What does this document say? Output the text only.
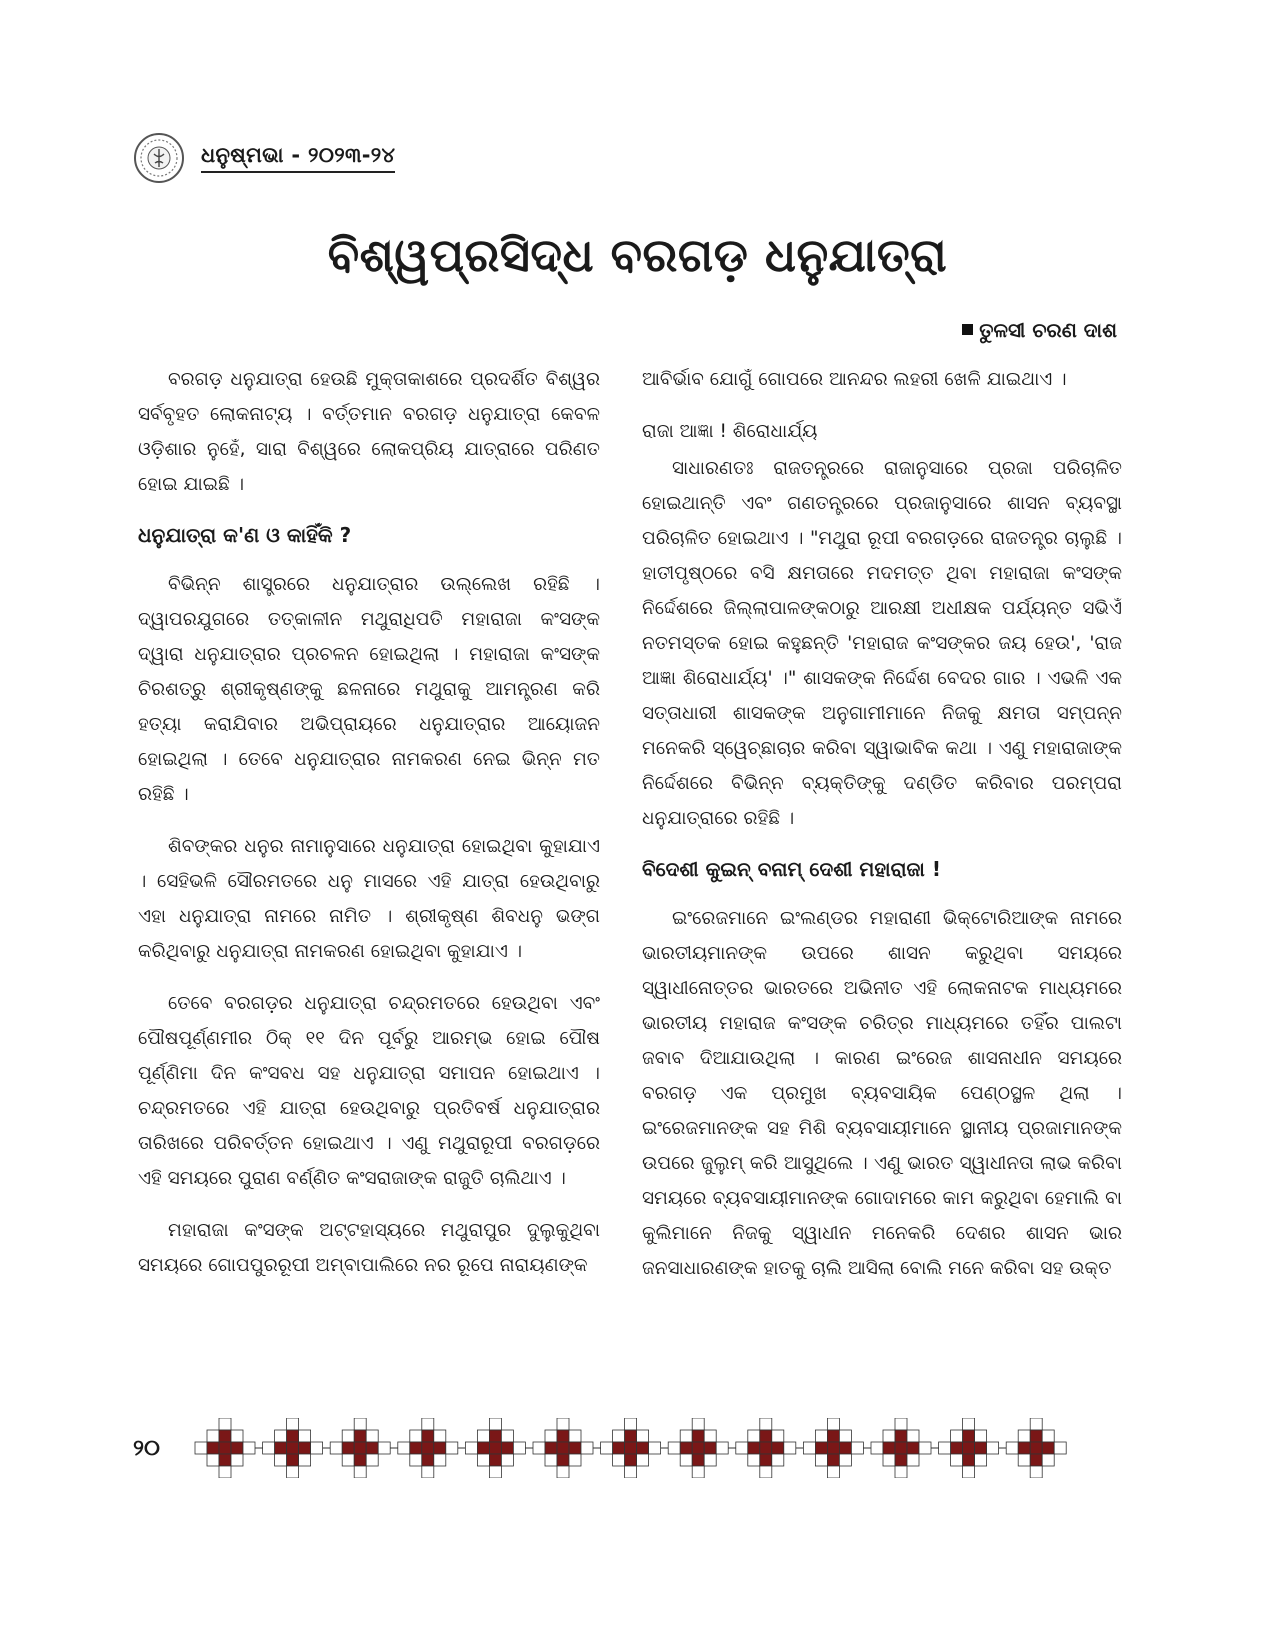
ଧନୁଷ୍ମଭା - ୨୦୨୩-୨୪
ବିଶ୍ୱପ୍ରସିଦ୍ଧ ବରଗଡ଼ ଧନୁଯାତ୍ରା
ତୁଳସୀ ଚରଣ ଦାଶ

ବରଗଡ଼ ଧନୁଯାତ୍ରା ହେଉଛି ମୁକ୍ତାକାଶରେ ପ୍ରଦର୍ଶିତ ବିଶ୍ୱର ସର୍ବବୃହତ ଲୋକନାଟ୍ୟ । ବର୍ତ୍ତମାନ ବରଗଡ଼ ଧନୁଯାତ୍ରା କେବଳ ଓଡ଼ିଶାର ନୁହେଁ, ସାରା ବିଶ୍ୱରେ ଲୋକପ୍ରିୟ ଯାତ୍ରାରେ ପରିଣତ ହୋଇ ଯାଇଛି ।

ଧନୁଯାତ୍ରା କ'ଣ ଓ କାହିଁକି ?

ବିଭିନ୍ନ ଶାସ୍ତ୍ରରେ ଧନୁଯାତ୍ରାର ଉଲ୍ଲେଖ ରହିଛି । ଦ୍ୱାପରଯୁଗରେ ତତ୍କାଳୀନ ମଥୁରାଧିପତି ମହାରାଜା କଂସଙ୍କ ଦ୍ୱାରା ଧନୁଯାତ୍ରାର ପ୍ରଚଳନ ହୋଇଥିଲା । ମହାରାଜା କଂସଙ୍କ ଚିରଶତ୍ରୁ ଶ୍ରୀକୃଷ୍ଣଙ୍କୁ ଛଳନାରେ ମଥୁରାକୁ ଆମନ୍ତ୍ରଣ କରି ହତ୍ୟା କରାଯିବାର ଅଭିପ୍ରାୟରେ ଧନୁଯାତ୍ରାର ଆୟୋଜନ ହୋଇଥିଲା । ତେବେ ଧନୁଯାତ୍ରାର ନାମକରଣ ନେଇ ଭିନ୍ନ ମତ ରହିଛି ।

ଶିବଙ୍କର ଧନୁର ନାମାନୁସାରେ ଧନୁଯାତ୍ରା ହୋଇଥିବା କୁହାଯାଏ । ସେହିଭଳି ସୌରମତରେ ଧନୁ ମାସରେ ଏହି ଯାତ୍ରା ହେଉଥିବାରୁ ଏହା ଧନୁଯାତ୍ରା ନାମରେ ନାମିତ । ଶ୍ରୀକୃଷ୍ଣ ଶିବଧନୁ ଭଙ୍ଗ କରିଥିବାରୁ ଧନୁଯାତ୍ରା ନାମକରଣ ହୋଇଥିବା କୁହାଯାଏ ।

ତେବେ ବରଗଡ଼ର ଧନୁଯାତ୍ରା ଚନ୍ଦ୍ରମତରେ ହେଉଥିବା ଏବଂ ପୌଷପୂର୍ଣ୍ଣମୀର ଠିକ୍ ୧୧ ଦିନ ପୂର୍ବରୁ ଆରମ୍ଭ ହୋଇ ପୌଷ ପୂର୍ଣ୍ଣିମା ଦିନ କଂସବଧ ସହ ଧନୁଯାତ୍ରା ସମାପନ ହୋଇଥାଏ । ଚନ୍ଦ୍ରମତରେ ଏହି ଯାତ୍ରା ହେଉଥିବାରୁ ପ୍ରତିବର୍ଷ ଧନୁଯାତ୍ରାର ତାରିଖରେ ପରିବର୍ତ୍ତନ ହୋଇଥାଏ । ଏଣୁ ମଥୁରାରୂପୀ ବରଗଡ଼ରେ ଏହି ସମୟରେ ପୁରାଣ ବର୍ଣ୍ଣିତ କଂସରାଜାଙ୍କ ରାଜୁତି ଚାଲିଥାଏ ।

ମହାରାଜା କଂସଙ୍କ ଅଟ୍ଟହାସ୍ୟରେ ମଥୁରାପୁର ଦୁଲୁକୁଥିବା ସମୟରେ ଗୋପପୁରରୂପୀ ଅମ୍ବାପାଲିରେ ନର ରୂପେ ନାରାୟଣଙ୍କ

ଆବିର୍ଭାବ ଯୋଗୁଁ ଗୋପରେ ଆନନ୍ଦର ଲହରୀ ଖେଳି ଯାଇଥାଏ ।

ରାଜା ଆଜ୍ଞା ! ଶିରୋଧାର୍ଯ୍ୟ

ସାଧାରଣତଃ ରାଜତନ୍ତ୍ରରେ ରାଜାନୁସାରେ ପ୍ରଜା ପରିଚାଳିତ ହୋଇଥାନ୍ତି ଏବଂ ଗଣତନ୍ତ୍ରରେ ପ୍ରଜାନୁସାରେ ଶାସନ ବ୍ୟବସ୍ଥା ପରିଚାଳିତ ହୋଇଥାଏ । "ମଥୁରା ରୂପୀ ବରଗଡ଼ରେ ରାଜତନ୍ତ୍ର ଚାଲୁଛି । ହାତୀପୃଷ୍ଠରେ ବସି କ୍ଷମତାରେ ମଦମତ୍ତ ଥିବା ମହାରାଜା କଂସଙ୍କ ନିର୍ଦ୍ଦେଶରେ ଜିଲ୍ଲାପାଳଙ୍କଠାରୁ ଆରକ୍ଷୀ ଅଧୀକ୍ଷକ ପର୍ଯ୍ୟନ୍ତ ସଭିଏଁ ନତମସ୍ତକ ହୋଇ କହୁଛନ୍ତି 'ମହାରାଜ କଂସଙ୍କର ଜୟ ହେଉ', 'ରାଜ ଆଜ୍ଞା ଶିରୋଧାର୍ଯ୍ୟ' ।" ଶାସକଙ୍କ ନିର୍ଦ୍ଦେଶ ବେଦର ଗାର । ଏଭଳି ଏକ ସତ୍ତାଧାରୀ ଶାସକଙ୍କ ଅନୁଗାମୀମାନେ ନିଜକୁ କ୍ଷମତା ସମ୍ପନ୍ନ ମନେକରି ସ୍ୱେଚ୍ଛାଚାର କରିବା ସ୍ୱାଭାବିକ କଥା । ଏଣୁ ମହାରାଜାଙ୍କ ନିର୍ଦ୍ଦେଶରେ ବିଭିନ୍ନ ବ୍ୟକ୍ତିଙ୍କୁ ଦଣ୍ଡିତ କରିବାର ପରମ୍ପରା ଧନୁଯାତ୍ରାରେ ରହିଛି ।

ବିଦେଶୀ କୁଇନ୍ ବନାମ୍ ଦେଶୀ ମହାରାଜା !

ଇଂରେଜମାନେ ଇଂଲଣ୍ଡର ମହାରାଣୀ ଭିକ୍ଟୋରିଆଙ୍କ ନାମରେ ଭାରତୀୟମାନଙ୍କ ଉପରେ ଶାସନ କରୁଥିବା ସମୟରେ ସ୍ୱାଧୀନୋତ୍ତର ଭାରତରେ ଅଭିନୀତ ଏହି ଲୋକନାଟକ ମାଧ୍ୟମରେ ଭାରତୀୟ ମହାରାଜ କଂସଙ୍କ ଚରିତ୍ର ମାଧ୍ୟମରେ ତହିଁର ପାଲଟା ଜବାବ ଦିଆଯାଉଥିଲା । କାରଣ ଇଂରେଜ ଶାସନାଧୀନ ସମୟରେ ବରଗଡ଼ ଏକ ପ୍ରମୁଖ ବ୍ୟବସାୟିକ ପେଣ୍ଠସ୍ଥଳ ଥିଲା । ଇଂରେଜମାନଙ୍କ ସହ ମିଶି ବ୍ୟବସାୟୀମାନେ ସ୍ଥାନୀୟ ପ୍ରଜାମାନଙ୍କ ଉପରେ ଜୁଲୁମ୍ କରି ଆସୁଥିଲେ । ଏଣୁ ଭାରତ ସ୍ୱାଧୀନତା ଲାଭ କରିବା ସମୟରେ ବ୍ୟବସାୟୀମାନଙ୍କ ଗୋଦାମରେ କାମ କରୁଥିବା ହେମାଲି ବା କୁଲିମାନେ ନିଜକୁ ସ୍ୱାଧୀନ ମନେକରି ଦେଶର ଶାସନ ଭାର ଜନସାଧାରଣଙ୍କ ହାତକୁ ଚାଲି ଆସିଲା ବୋଲି ମନେ କରିବା ସହ ଉକ୍ତ

୨୦
